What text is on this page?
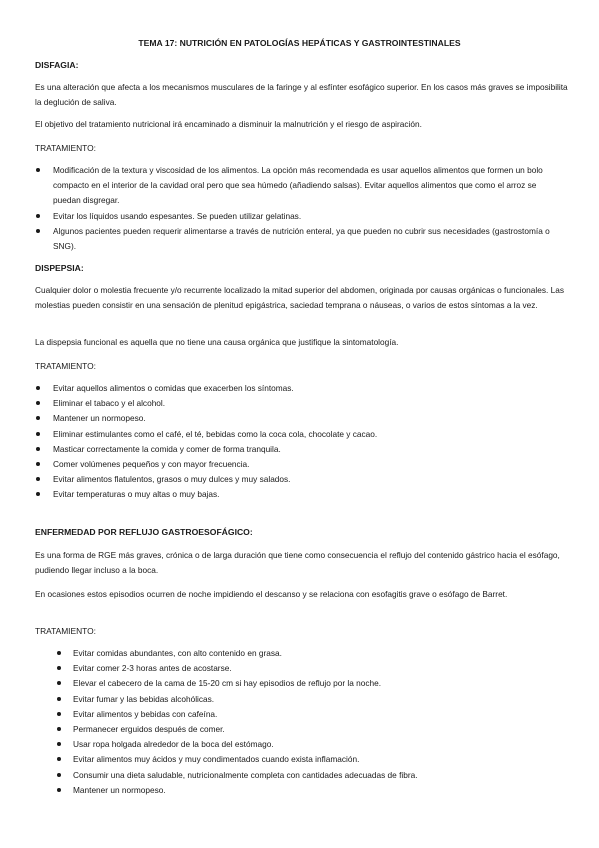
TEMA 17: NUTRICIÓN EN PATOLOGÍAS HEPÁTICAS Y GASTROINTESTINALES
DISFAGIA:

Es una alteración que afecta a los mecanismos musculares de la faringe y al esfínter esofágico superior. En los casos más graves se imposibilita la deglución de saliva.

El objetivo del tratamiento nutricional irá encaminado a disminuir la malnutrición y el riesgo de aspiración.

TRATAMIENTO:
Modificación de la textura y viscosidad de los alimentos. La opción más recomendada es usar aquellos alimentos que formen un bolo compacto en el interior de la cavidad oral pero que sea húmedo (añadiendo salsas). Evitar aquellos alimentos que como el arroz se puedan disgregar.
Evitar los líquidos usando espesantes. Se pueden utilizar gelatinas.
Algunos pacientes pueden requerir alimentarse a través de nutrición enteral, ya que pueden no cubrir sus necesidades (gastrostomía o SNG).
DISPEPSIA:

Cualquier dolor o molestia frecuente y/o recurrente localizado la mitad superior del abdomen, originada por causas orgánicas o funcionales. Las molestias pueden consistir en una sensación de plenitud epigástrica, saciedad temprana o náuseas, o varios de estos síntomas a la vez.

La dispepsia funcional es aquella que no tiene una causa orgánica que justifique la sintomatología.

TRATAMIENTO:
Evitar aquellos alimentos o comidas que exacerben los síntomas.
Eliminar el tabaco y el alcohol.
Mantener un normopeso.
Eliminar estimulantes como el café, el té, bebidas como la coca cola, chocolate y cacao.
Masticar correctamente la comida y comer de forma tranquila.
Comer volúmenes pequeños y con mayor frecuencia.
Evitar alimentos flatulentos, grasos o muy dulces y muy salados.
Evitar temperaturas o muy altas o muy bajas.
ENFERMEDAD POR REFLUJO GASTROESOFÁGICO:

Es una forma de RGE más graves, crónica o de larga duración que tiene como consecuencia el reflujo del contenido gástrico hacia el esófago, pudiendo llegar incluso a la boca.

En ocasiones estos episodios ocurren de noche impidiendo el descanso y se relaciona con esofagitis grave o esófago de Barret.

TRATAMIENTO:
Evitar comidas abundantes, con alto contenido en grasa.
Evitar comer 2-3 horas antes de acostarse.
Elevar el cabecero de la cama de 15-20 cm si hay episodios de reflujo por la noche.
Evitar fumar y las bebidas alcohólicas.
Evitar alimentos y bebidas con cafeína.
Permanecer erguidos después de comer.
Usar ropa holgada alrededor de la boca del estómago.
Evitar alimentos muy ácidos y muy condimentados cuando exista inflamación.
Consumir una dieta saludable, nutricionalmente completa con cantidades adecuadas de fibra.
Mantener un normopeso.
